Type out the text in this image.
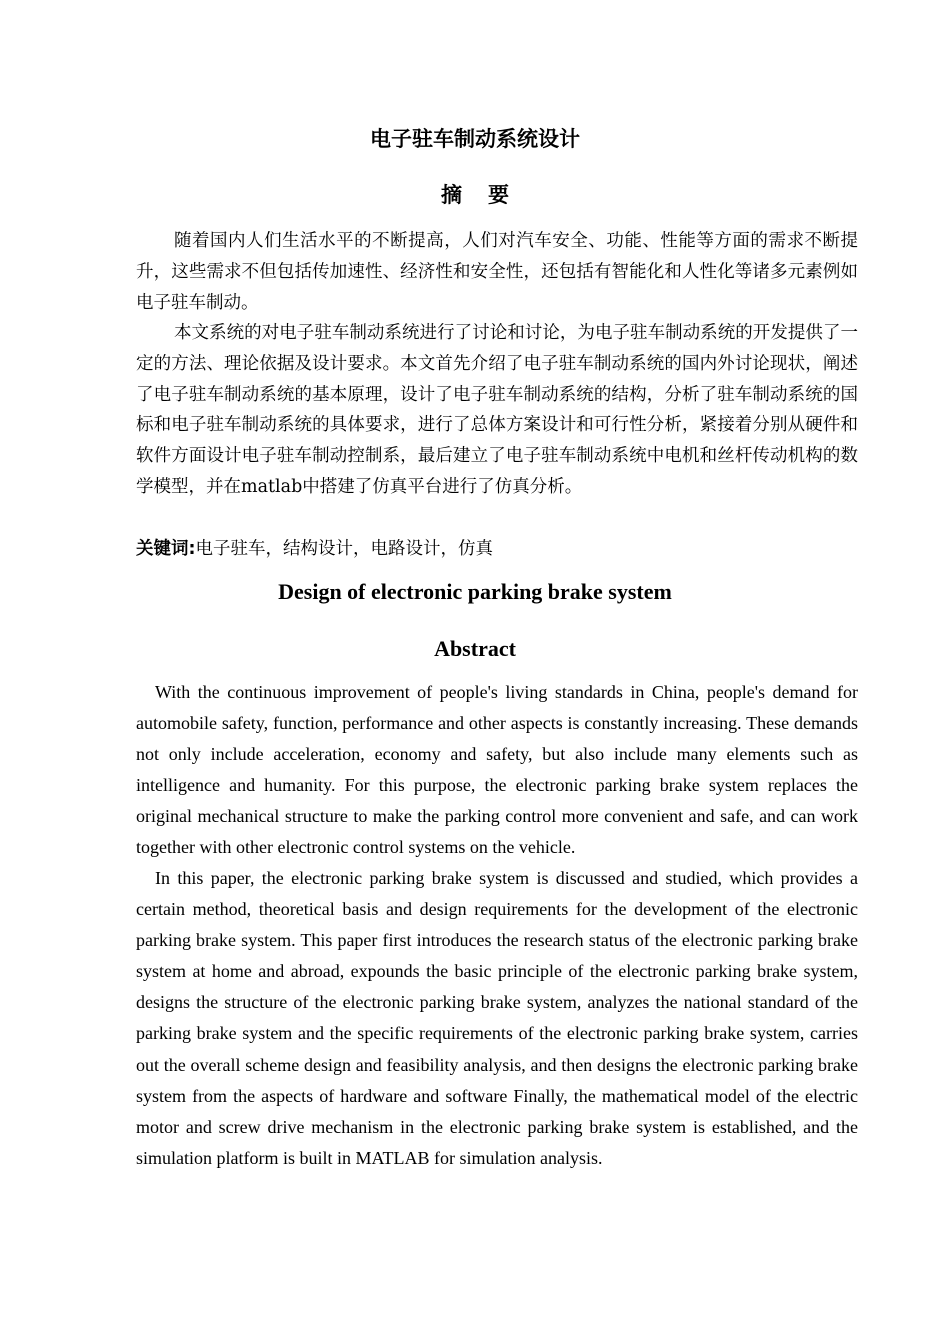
电子驻车制动系统设计
摘要

随着国内人们生活水平的不断提高，人们对汽车安全、功能、性能等方面的需求不断提升，这些需求不但包括传加速性、经济性和安全性，还包括有智能化和人性化等诸多元素例如电子驻车制动。

本文系统的对电子驻车制动系统进行了讨论和讨论，为电子驻车制动系统的开发提供了一定的方法、理论依据及设计要求。本文首先介绍了电子驻车制动系统的国内外讨论现状，阐述了电子驻车制动系统的基本原理，设计了电子驻车制动系统的结构，分析了驻车制动系统的国标和电子驻车制动系统的具体要求，进行了总体方案设计和可行性分析，紧接着分别从硬件和软件方面设计电子驻车制动控制系，最后建立了电子驻车制动系统中电机和丝杆传动机构的数学模型，并在matlab中搭建了仿真平台进行了仿真分析。

关键词:电子驻车，结构设计，电路设计，仿真

Design of electronic parking brake system
Abstract

With the continuous improvement of people's living standards in China, people's demand for automobile safety, function, performance and other aspects is constantly increasing. These demands not only include acceleration, economy and safety, but also include many elements such as intelligence and humanity. For this purpose, the electronic parking brake system replaces the original mechanical structure to make the parking control more convenient and safe, and can work together with other electronic control systems on the vehicle.

In this paper, the electronic parking brake system is discussed and studied, which provides a certain method, theoretical basis and design requirements for the development of the electronic parking brake system. This paper first introduces the research status of the electronic parking brake system at home and abroad, expounds the basic principle of the electronic parking brake system, designs the structure of the electronic parking brake system, analyzes the national standard of the parking brake system and the specific requirements of the electronic parking brake system, carries out the overall scheme design and feasibility analysis, and then designs the electronic parking brake system from the aspects of hardware and software Finally, the mathematical model of the electric motor and screw drive mechanism in the electronic parking brake system is established, and the simulation platform is built in MATLAB for simulation analysis.
